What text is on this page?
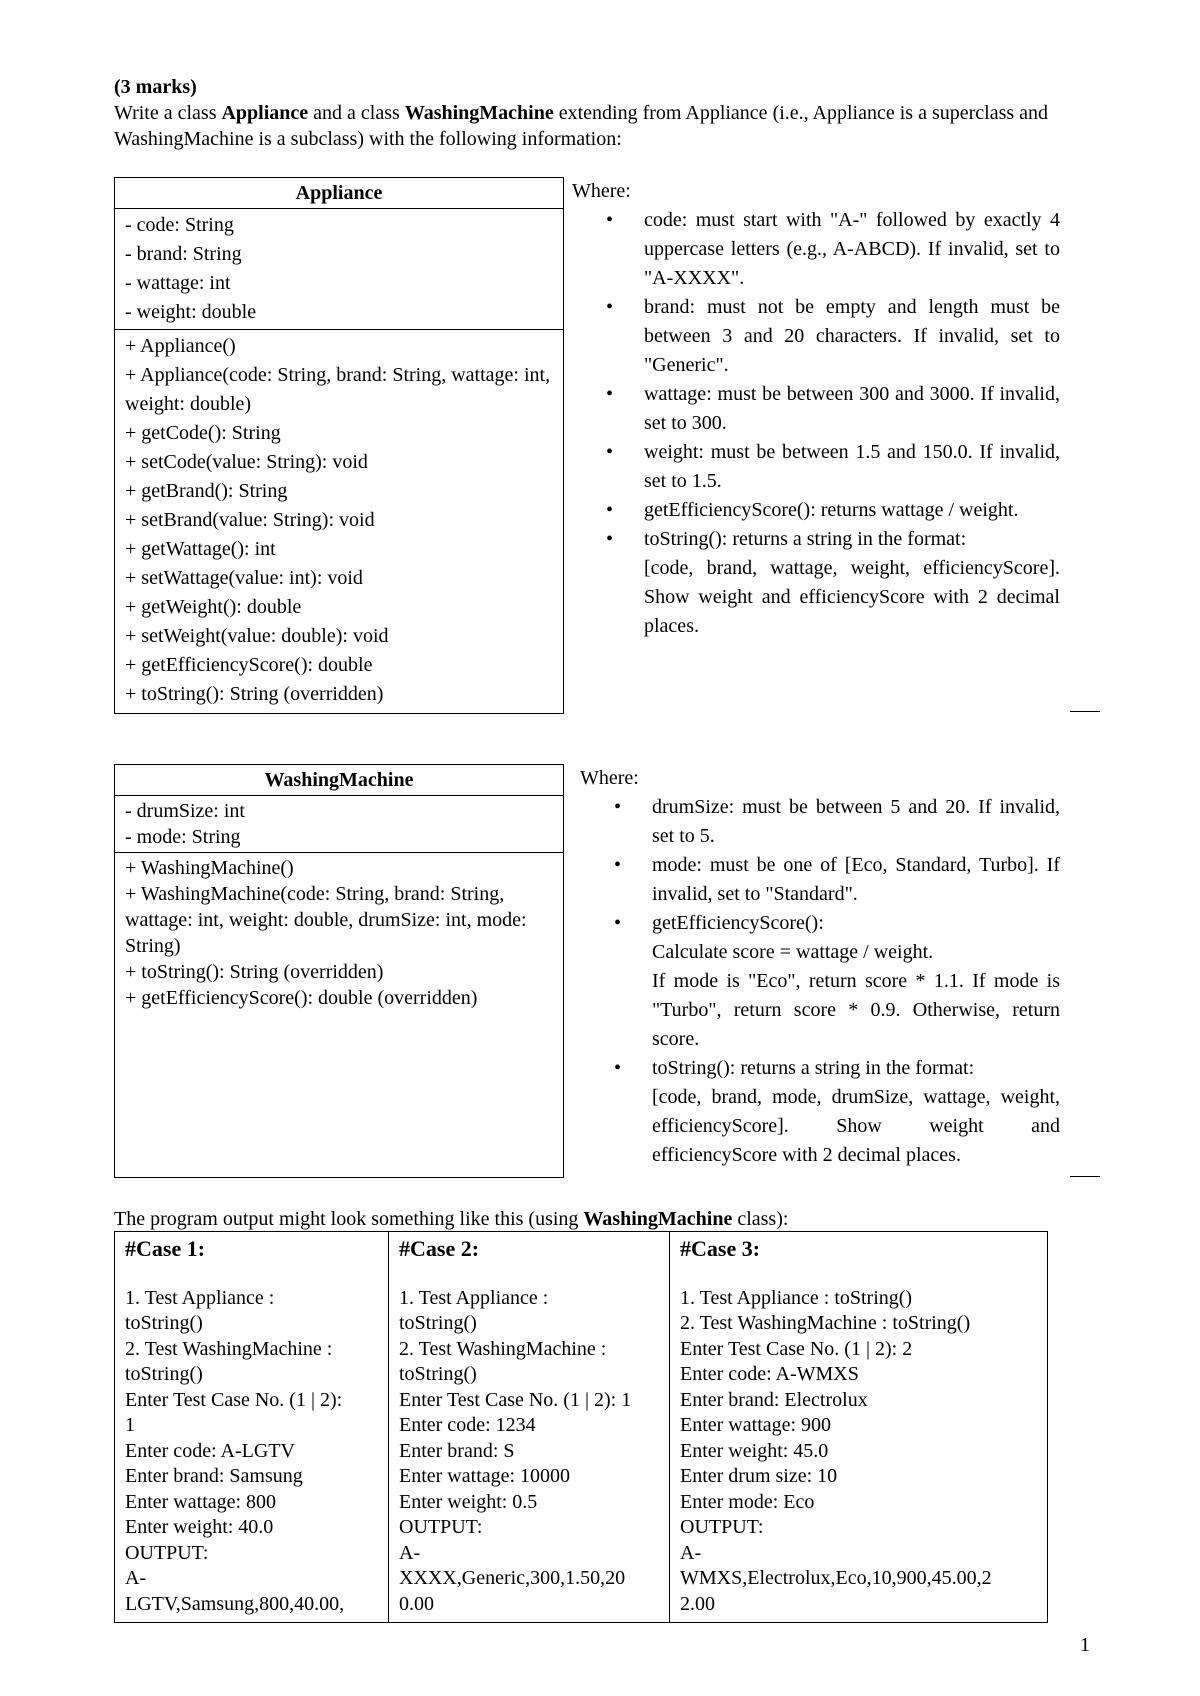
(3 marks)
Write a class Appliance and a class WashingMachine extending from Appliance (i.e., Appliance is a superclass and WashingMachine is a subclass) with the following information:
Appliance
- code: String
- brand: String
- wattage: int
- weight: double
+ Appliance()
+ Appliance(code: String, brand: String, wattage: int, weight: double)
+ getCode(): String
+ setCode(value: String): void
+ getBrand(): String
+ setBrand(value: String): void
+ getWattage(): int
+ setWattage(value: int): void
+ getWeight(): double
+ setWeight(value: double): void
+ getEfficiencyScore(): double
+ toString(): String (overridden)
Where:
• code: must start with "A-" followed by exactly 4 uppercase letters (e.g., A-ABCD). If invalid, set to "A-XXXX".
• brand: must not be empty and length must be between 3 and 20 characters. If invalid, set to "Generic".
• wattage: must be between 300 and 3000. If invalid, set to 300.
• weight: must be between 1.5 and 150.0. If invalid, set to 1.5.
• getEfficiencyScore(): returns wattage / weight.
• toString(): returns a string in the format:
[code, brand, wattage, weight, efficiencyScore]. Show weight and efficiencyScore with 2 decimal places.
WashingMachine
- drumSize: int
- mode: String
+ WashingMachine()
+ WashingMachine(code: String, brand: String, wattage: int, weight: double, drumSize: int, mode: String)
+ toString(): String (overridden)
+ getEfficiencyScore(): double (overridden)
Where:
• drumSize: must be between 5 and 20. If invalid, set to 5.
• mode: must be one of [Eco, Standard, Turbo]. If invalid, set to "Standard".
• getEfficiencyScore():
Calculate score = wattage / weight.
If mode is "Eco", return score * 1.1. If mode is "Turbo", return score * 0.9. Otherwise, return score.
• toString(): returns a string in the format:
[code, brand, mode, drumSize, wattage, weight, efficiencyScore]. Show weight and efficiencyScore with 2 decimal places.
The program output might look something like this (using WashingMachine class):
#Case 1:
1. Test Appliance :
toString()
2. Test WashingMachine :
toString()
Enter Test Case No. (1 | 2):
1
Enter code: A-LGTV
Enter brand: Samsung
Enter wattage: 800
Enter weight: 40.0
OUTPUT:
A-
LGTV,Samsung,800,40.00,

#Case 2:
1. Test Appliance :
toString()
2. Test WashingMachine :
toString()
Enter Test Case No. (1 | 2): 1
Enter code: 1234
Enter brand: S
Enter wattage: 10000
Enter weight: 0.5
OUTPUT:
A-
XXXX,Generic,300,1.50,20
0.00

#Case 3:
1. Test Appliance : toString()
2. Test WashingMachine : toString()
Enter Test Case No. (1 | 2): 2
Enter code: A-WMXS
Enter brand: Electrolux
Enter wattage: 900
Enter weight: 45.0
Enter drum size: 10
Enter mode: Eco
OUTPUT:
A-
WMXS,Electrolux,Eco,10,900,45.00,2
2.00
1
